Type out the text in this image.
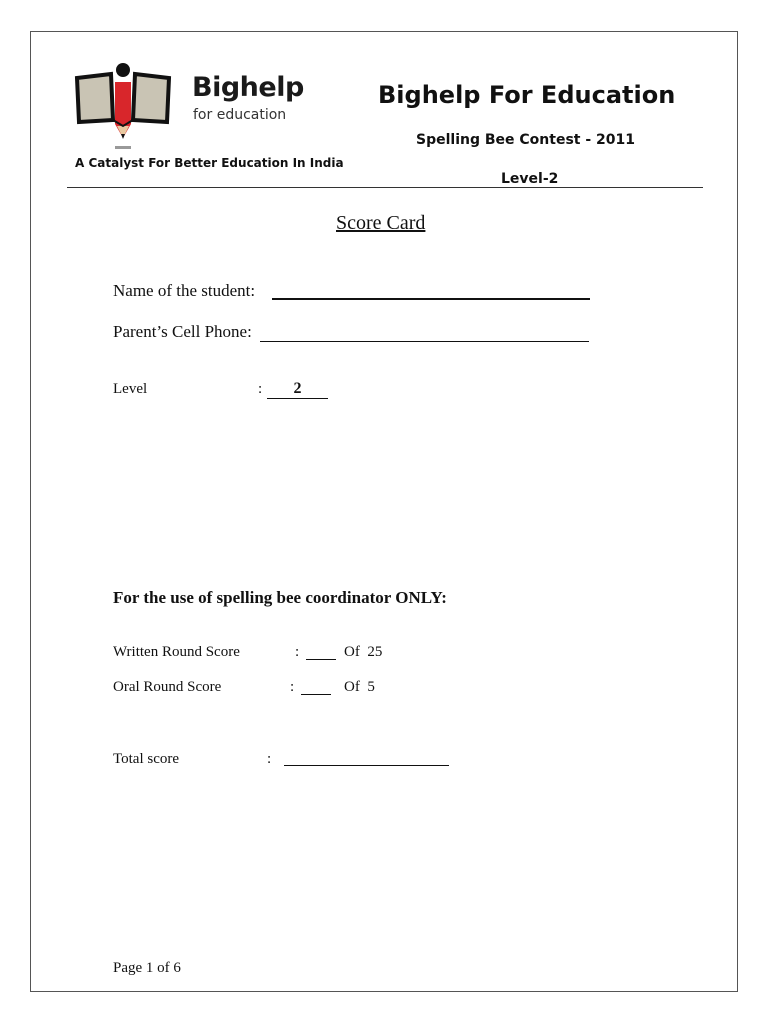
Bighelp
for education
A Catalyst For Better Education In India
Bighelp For Education
Spelling Bee Contest - 2011
Level-2
Score Card
Name of the student:
Parent’s Cell Phone:
Level	:	2
For the use of spelling bee coordinator ONLY:
Written Round Score	:	Of  25
Oral Round Score	:	Of  5
Total score	:
Page 1 of 6
